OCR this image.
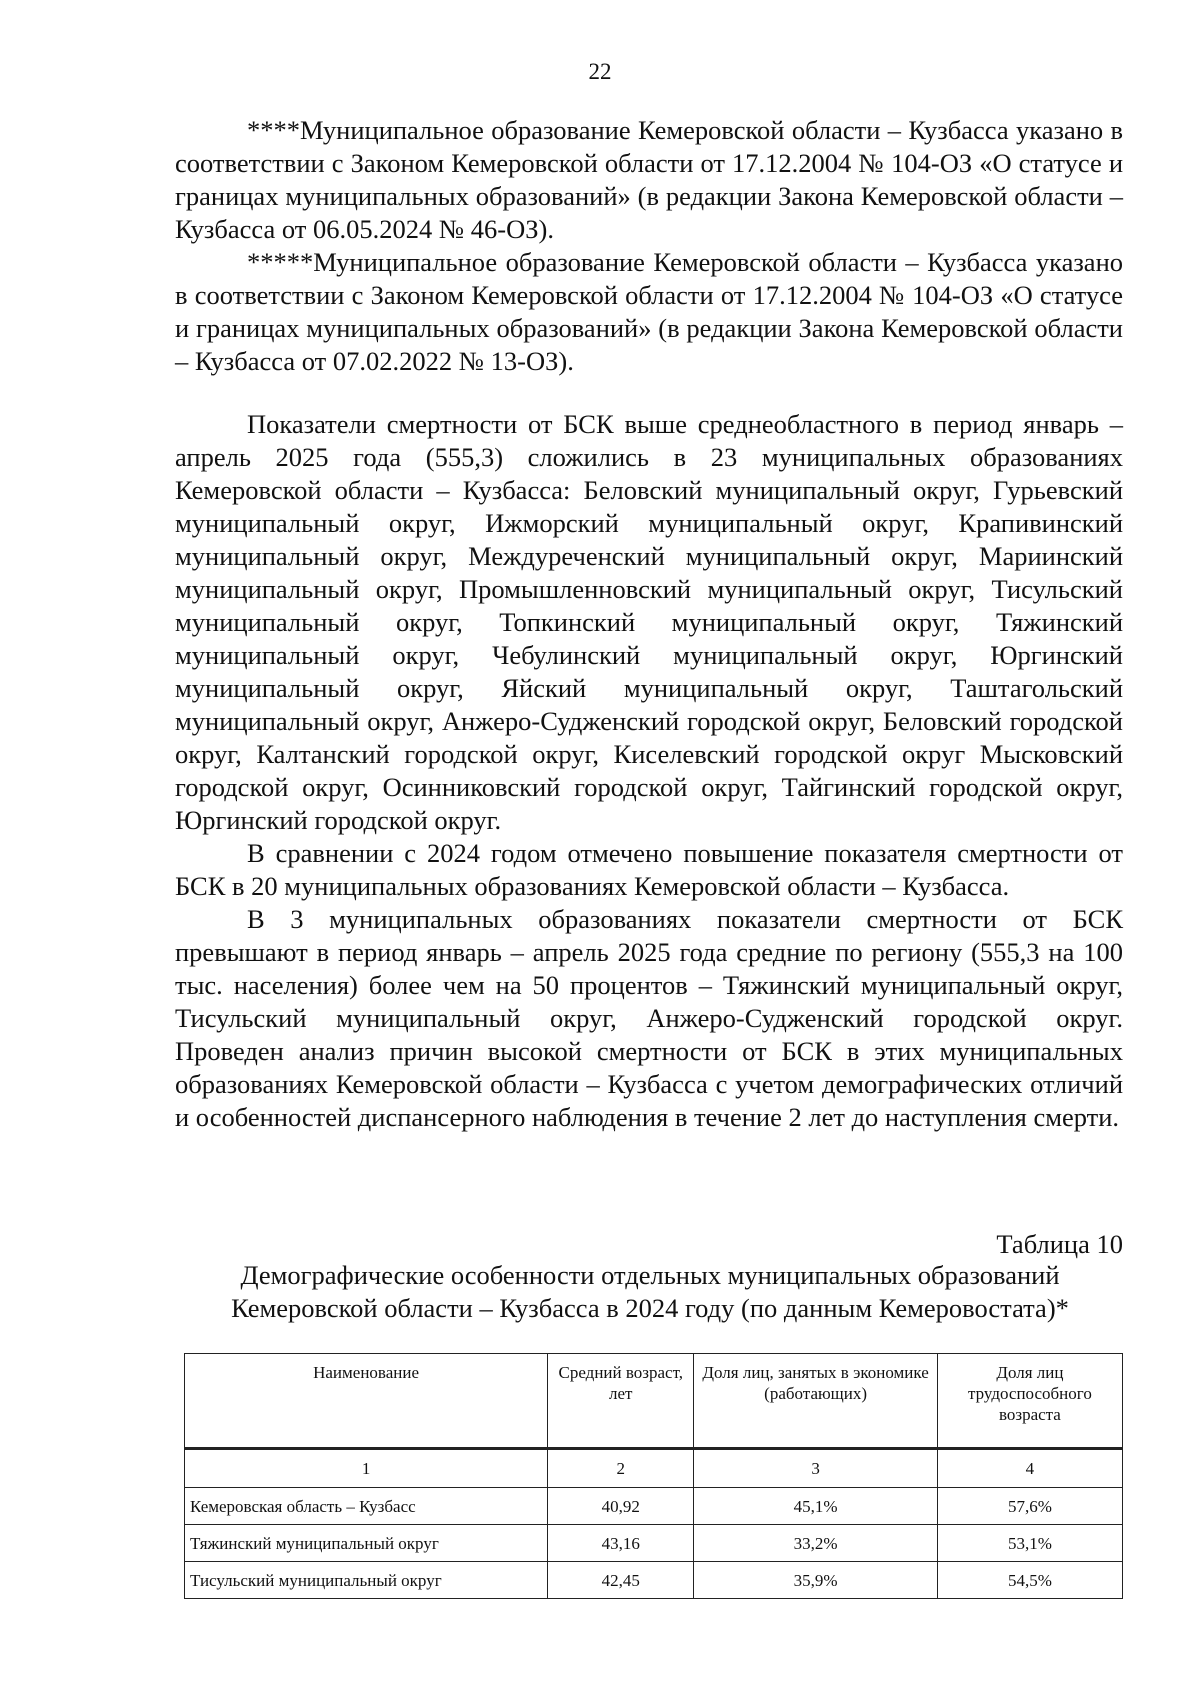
22

****Муниципальное образование Кемеровской области – Кузбасса указано в соответствии с Законом Кемеровской области от 17.12.2004 № 104-ОЗ «О статусе и границах муниципальных образований» (в редакции Закона Кемеровской области – Кузбасса от 06.05.2024 № 46-ОЗ).

*****Муниципальное образование Кемеровской области – Кузбасса указано в соответствии с Законом Кемеровской области от 17.12.2004 № 104-ОЗ «О статусе и границах муниципальных образований» (в редакции Закона Кемеровской области – Кузбасса от 07.02.2022 № 13-ОЗ).

Показатели смертности от БСК выше среднеобластного в период январь – апрель 2025 года (555,3) сложились в 23 муниципальных образованиях Кемеровской области – Кузбасса: Беловский муниципальный округ, Гурьевский муниципальный округ, Ижморский муниципальный округ, Крапивинский муниципальный округ, Междуреченский муниципальный округ, Мариинский муниципальный округ, Промышленновский муниципальный округ, Тисульский муниципальный округ, Топкинский муниципальный округ, Тяжинский муниципальный округ, Чебулинский муниципальный округ, Юргинский муниципальный округ, Яйский муниципальный округ, Таштагольский муниципальный округ, Анжеро-Судженский городской округ, Беловский городской округ, Калтанский городской округ, Киселевский городской округ Мысковский городской округ, Осинниковский городской округ, Тайгинский городской округ, Юргинский городской округ.

В сравнении с 2024 годом отмечено повышение показателя смертности от БСК в 20 муниципальных образованиях Кемеровской области – Кузбасса.

В 3 муниципальных образованиях показатели смертности от БСК превышают в период январь – апрель 2025 года средние по региону (555,3 на 100 тыс. населения) более чем на 50 процентов – Тяжинский муниципальный округ, Тисульский муниципальный округ, Анжеро-Судженский городской округ. Проведен анализ причин высокой смертности от БСК в этих муниципальных образованиях Кемеровской области – Кузбасса с учетом демографических отличий и особенностей диспансерного наблюдения в течение 2 лет до наступления смерти.

Таблица 10
Демографические особенности отдельных муниципальных образований
Кемеровской области – Кузбасса в 2024 году (по данным Кемеровостата)*
Наименование	Средний возраст, лет	Доля лиц, занятых в экономике (работающих)	Доля лиц трудоспособного возраста
1	2	3	4
Кемеровская область – Кузбасс	40,92	45,1%	57,6%
Тяжинский муниципальный округ	43,16	33,2%	53,1%
Тисульский муниципальный округ	42,45	35,9%	54,5%
